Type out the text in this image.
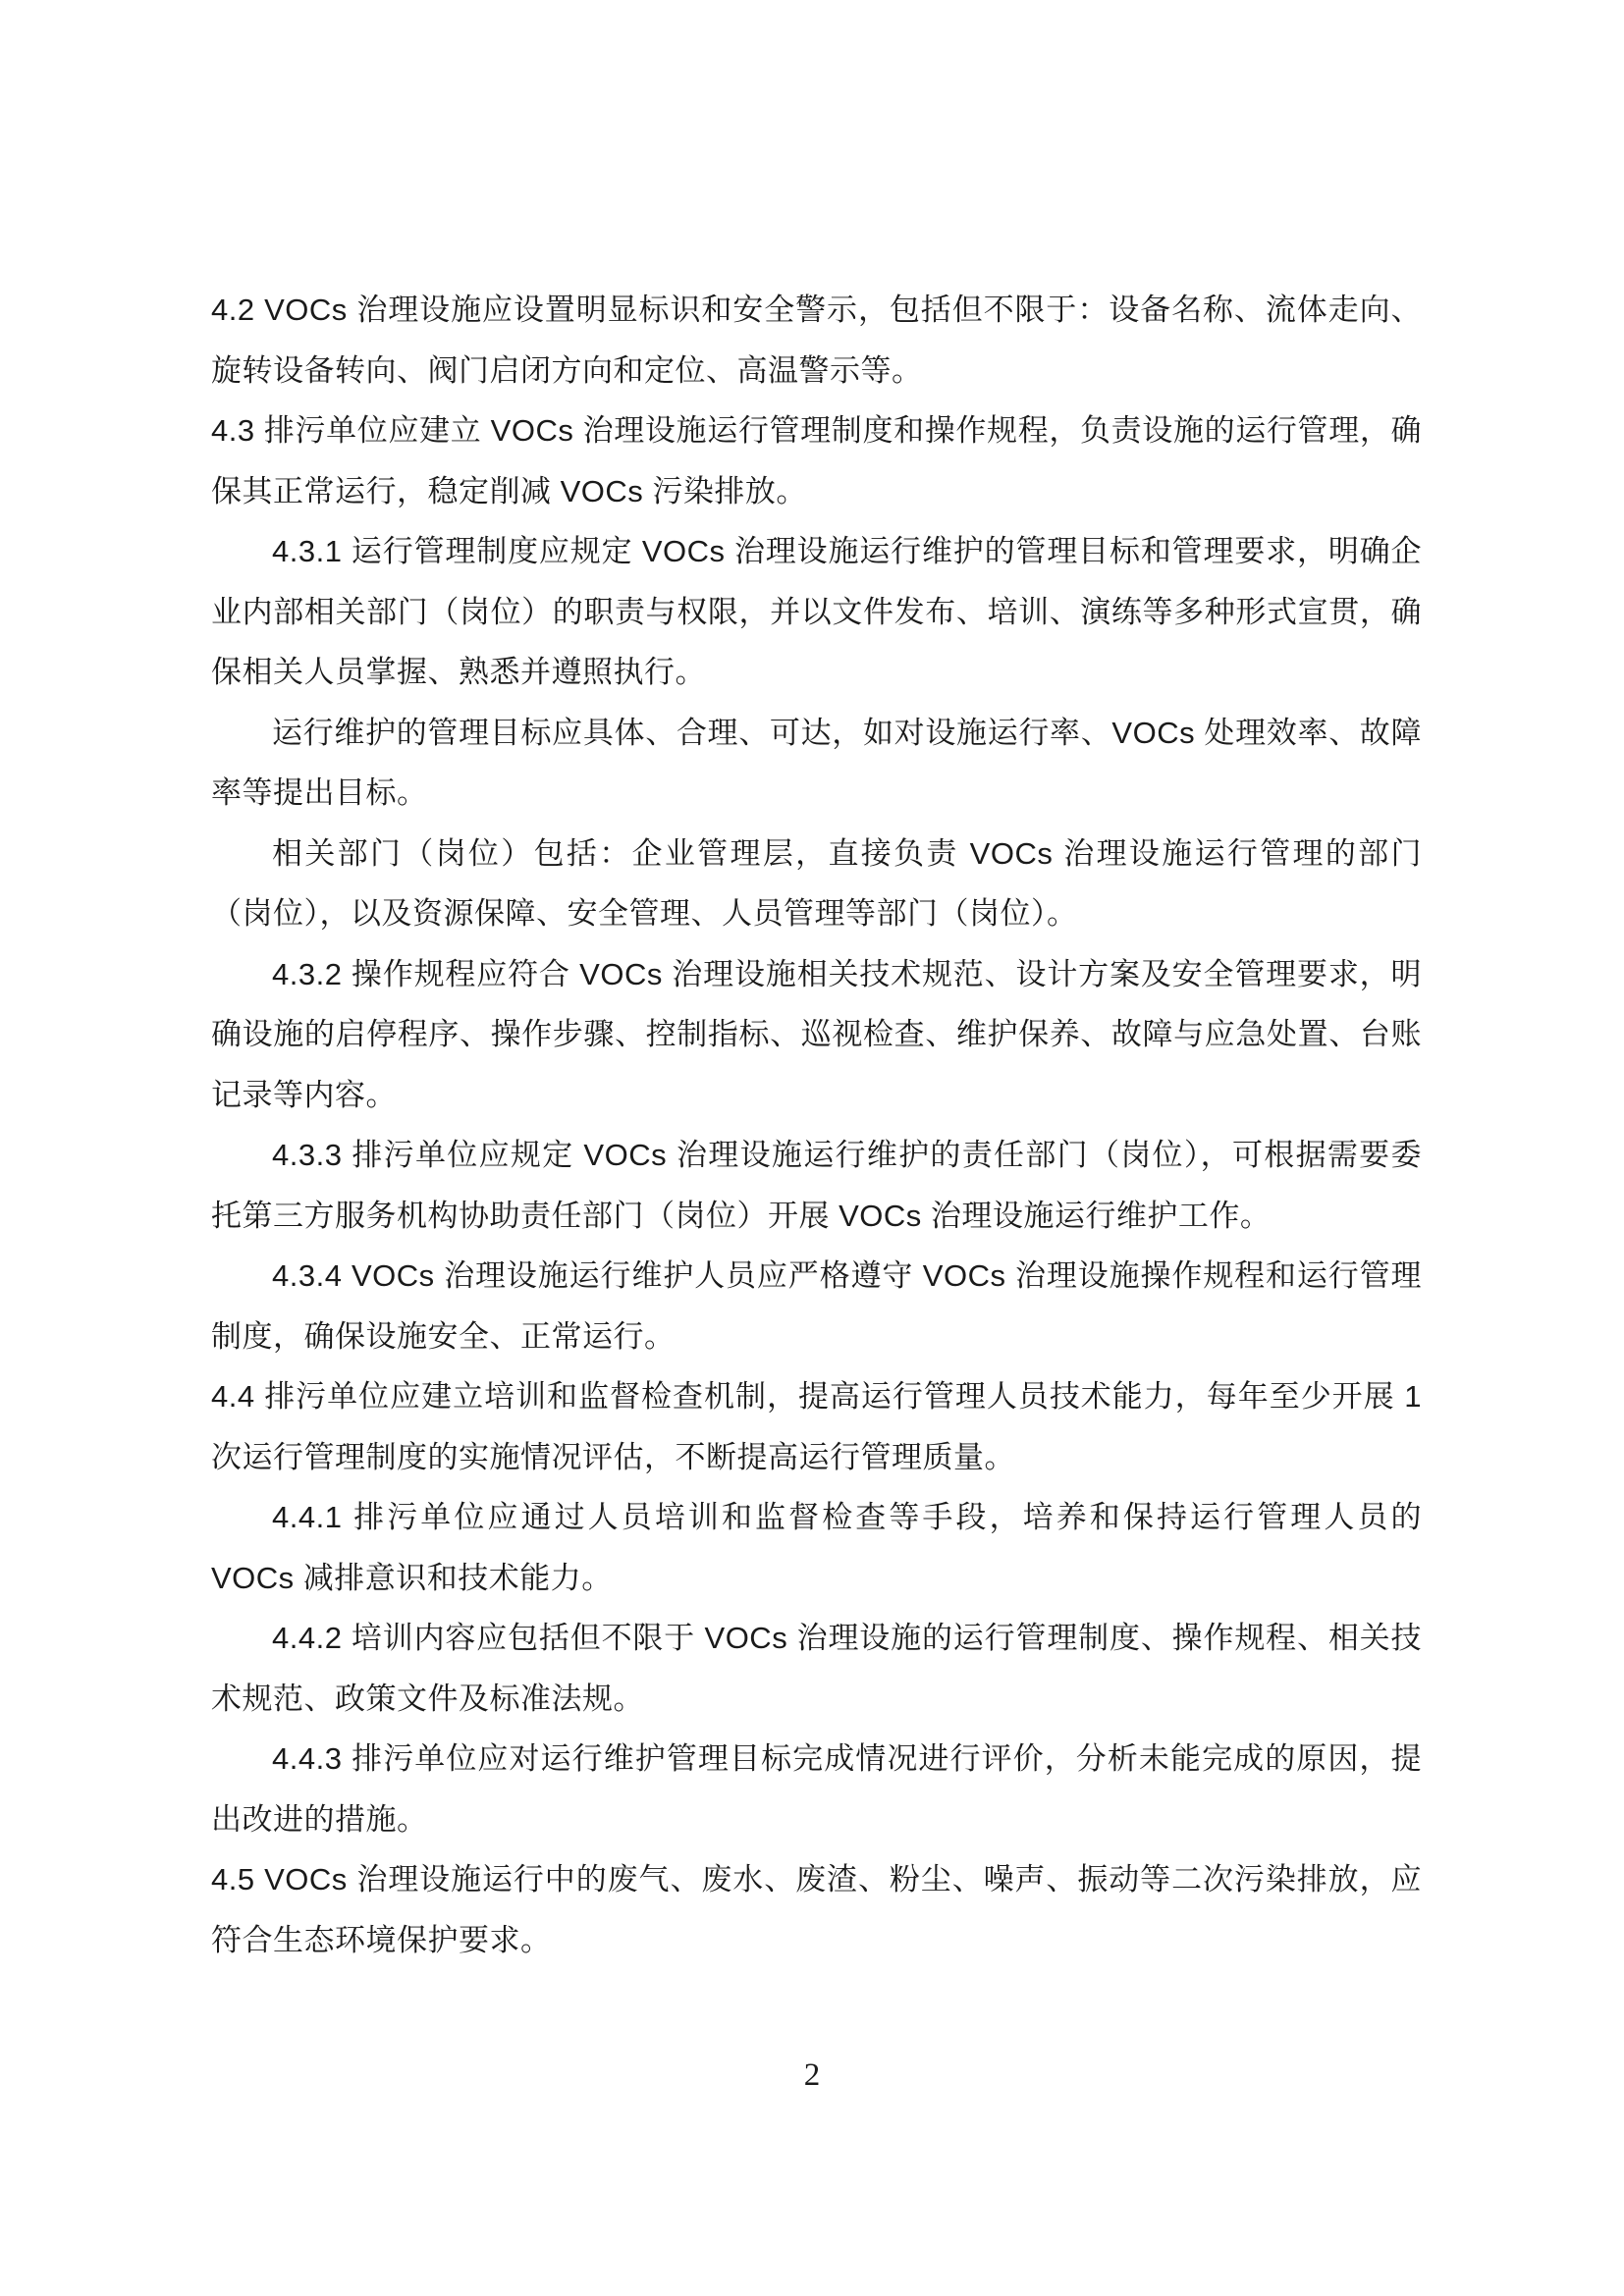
4.2 VOCs 治理设施应设置明显标识和安全警示，包括但不限于：设备名称、流体走向、旋转设备转向、阀门启闭方向和定位、高温警示等。

4.3 排污单位应建立 VOCs 治理设施运行管理制度和操作规程，负责设施的运行管理，确保其正常运行，稳定削减 VOCs 污染排放。

4.3.1 运行管理制度应规定 VOCs 治理设施运行维护的管理目标和管理要求，明确企业内部相关部门（岗位）的职责与权限，并以文件发布、培训、演练等多种形式宣贯，确保相关人员掌握、熟悉并遵照执行。

运行维护的管理目标应具体、合理、可达，如对设施运行率、VOCs 处理效率、故障率等提出目标。

相关部门（岗位）包括：企业管理层，直接负责 VOCs 治理设施运行管理的部门（岗位），以及资源保障、安全管理、人员管理等部门（岗位）。

4.3.2 操作规程应符合 VOCs 治理设施相关技术规范、设计方案及安全管理要求，明确设施的启停程序、操作步骤、控制指标、巡视检查、维护保养、故障与应急处置、台账记录等内容。

4.3.3 排污单位应规定 VOCs 治理设施运行维护的责任部门（岗位），可根据需要委托第三方服务机构协助责任部门（岗位）开展 VOCs 治理设施运行维护工作。

4.3.4 VOCs 治理设施运行维护人员应严格遵守 VOCs 治理设施操作规程和运行管理制度，确保设施安全、正常运行。

4.4 排污单位应建立培训和监督检查机制，提高运行管理人员技术能力，每年至少开展 1 次运行管理制度的实施情况评估，不断提高运行管理质量。

4.4.1 排污单位应通过人员培训和监督检查等手段，培养和保持运行管理人员的 VOCs 减排意识和技术能力。

4.4.2 培训内容应包括但不限于 VOCs 治理设施的运行管理制度、操作规程、相关技术规范、政策文件及标准法规。

4.4.3 排污单位应对运行维护管理目标完成情况进行评价，分析未能完成的原因，提出改进的措施。

4.5 VOCs 治理设施运行中的废气、废水、废渣、粉尘、噪声、振动等二次污染排放，应符合生态环境保护要求。

2
